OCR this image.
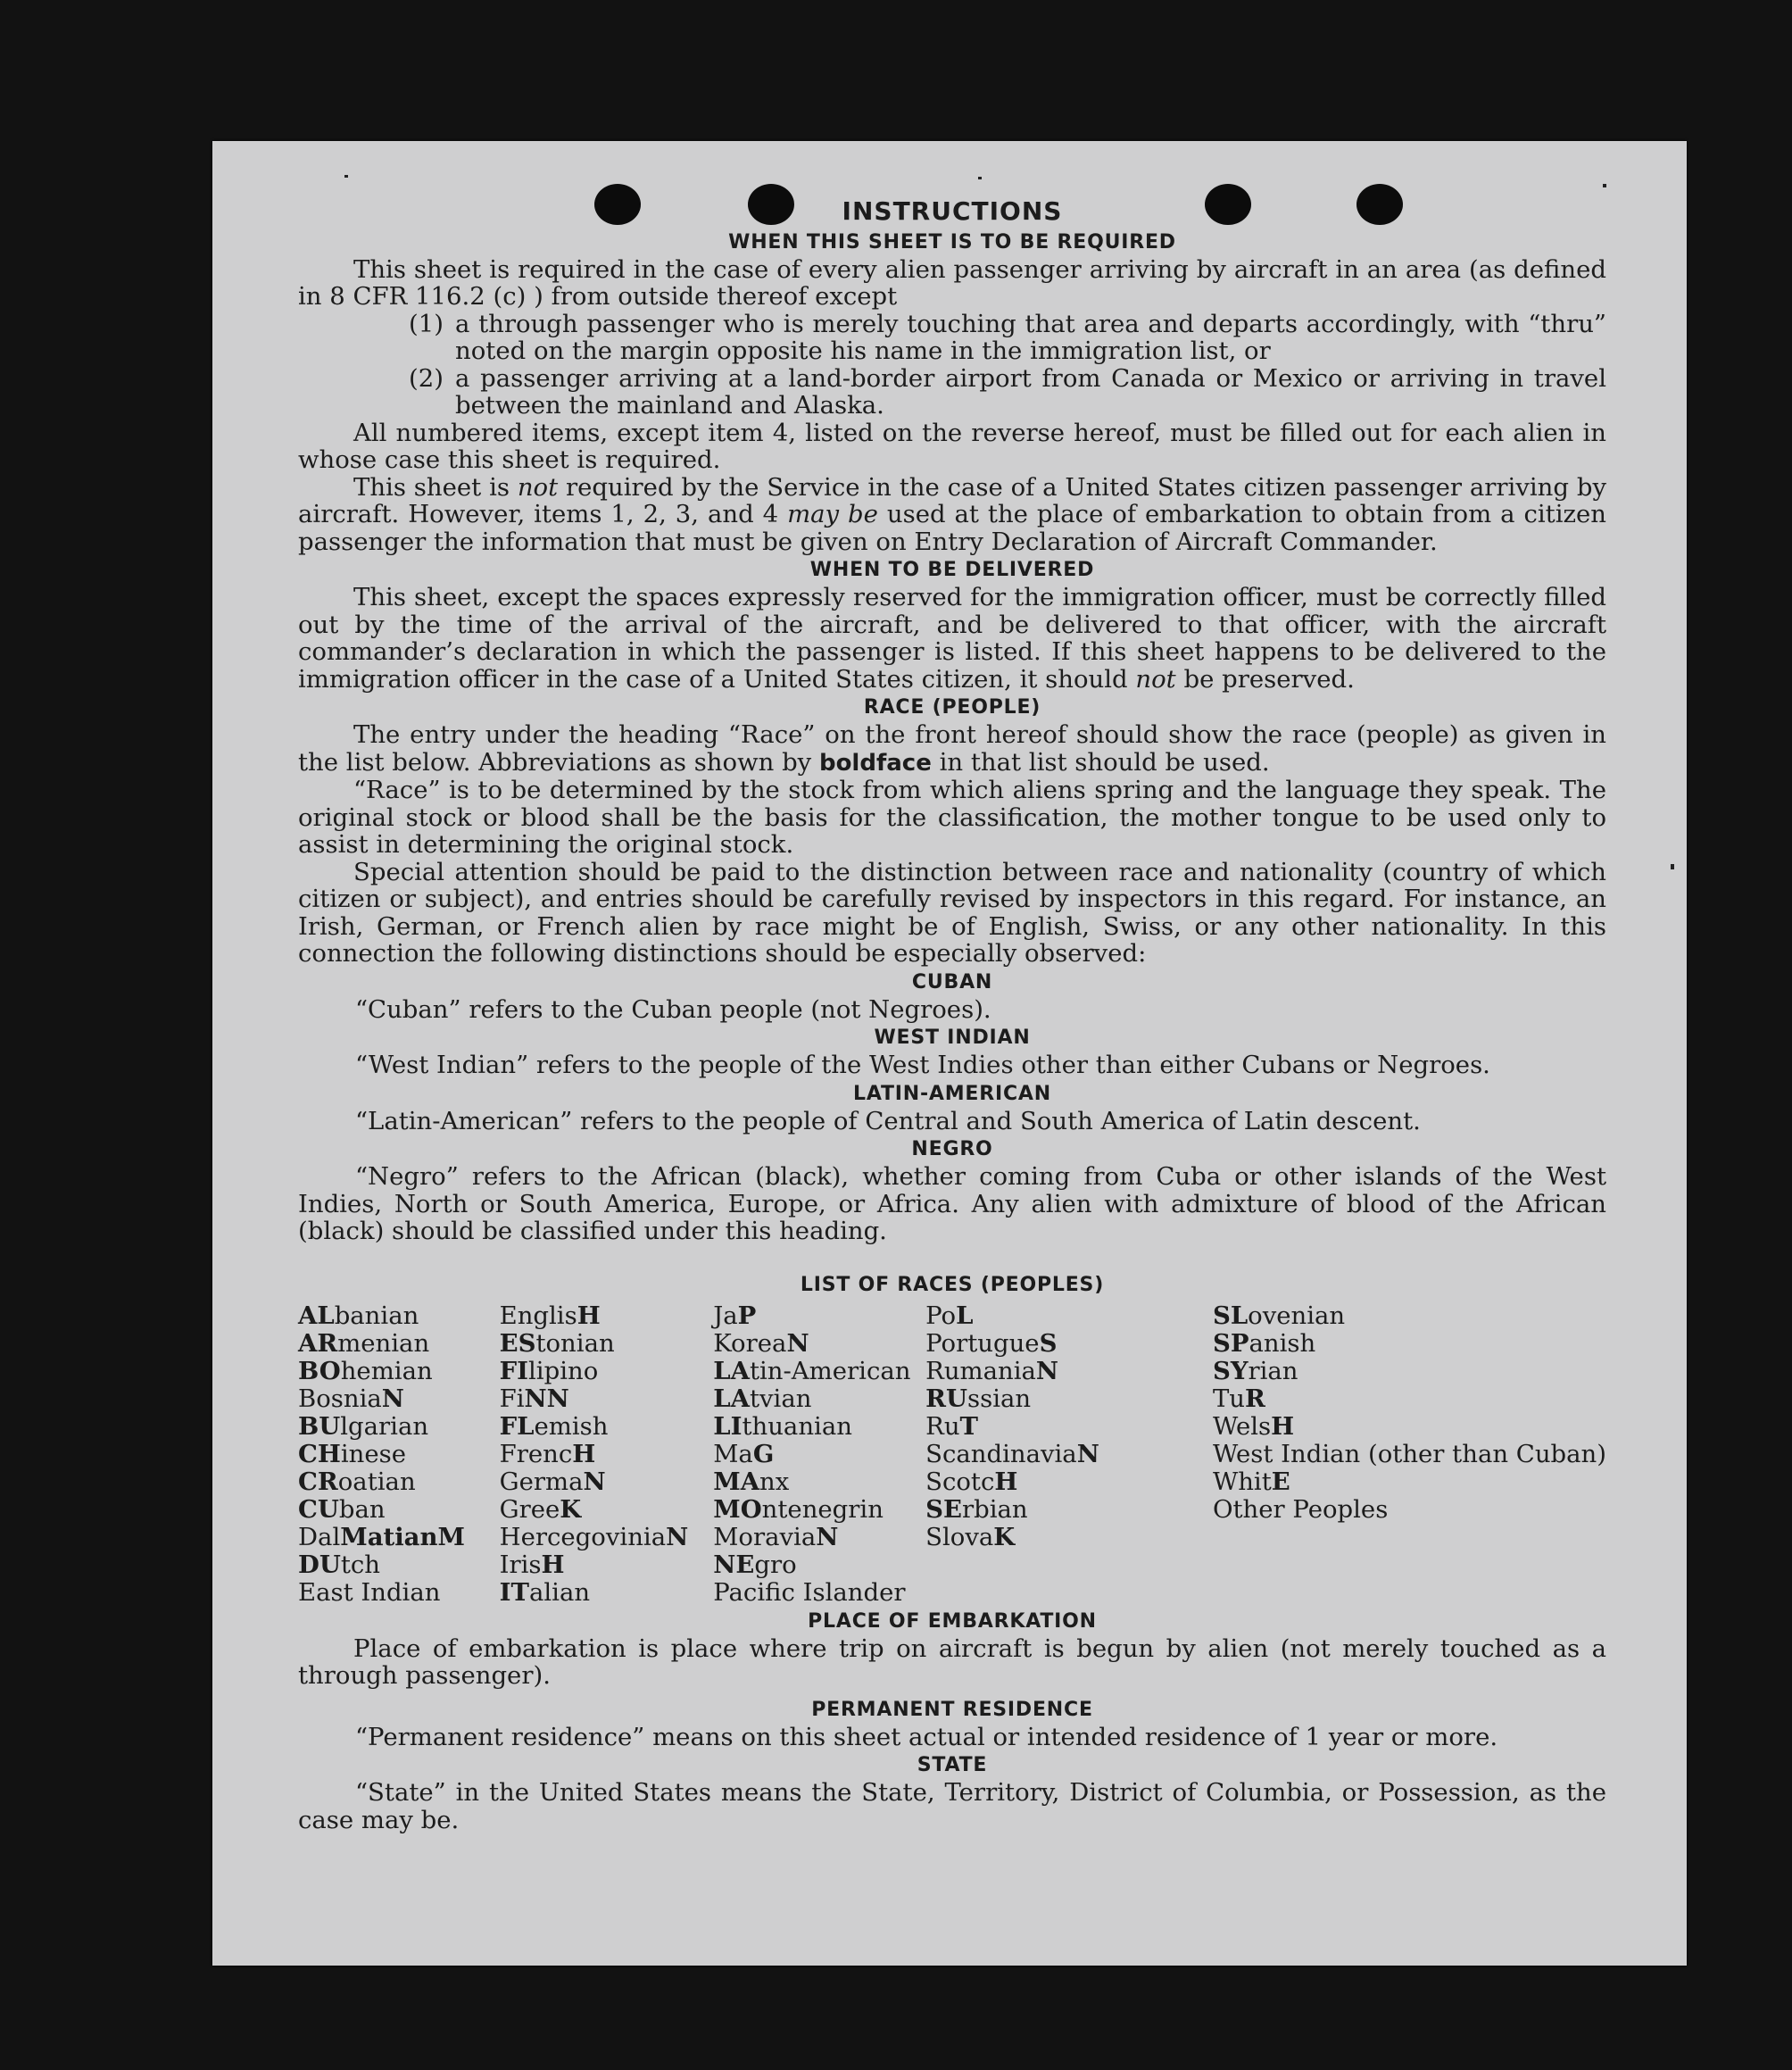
INSTRUCTIONS
WHEN THIS SHEET IS TO BE REQUIRED

This sheet is required in the case of every alien passenger arriving by aircraft in an area (as defined in 8 CFR 116.2 (c) ) from outside thereof except

(1) a through passenger who is merely touching that area and departs accordingly, with “thru” noted on the margin opposite his name in the immigration list, or
(2) a passenger arriving at a land-border airport from Canada or Mexico or arriving in travel between the mainland and Alaska.

All numbered items, except item 4, listed on the reverse hereof, must be filled out for each alien in whose case this sheet is required.

This sheet is not required by the Service in the case of a United States citizen passenger arriving by aircraft. However, items 1, 2, 3, and 4 may be used at the place of embarkation to obtain from a citizen passenger the information that must be given on Entry Declaration of Aircraft Commander.

WHEN TO BE DELIVERED

This sheet, except the spaces expressly reserved for the immigration officer, must be correctly filled out by the time of the arrival of the aircraft, and be delivered to that officer, with the aircraft commander’s declaration in which the passenger is listed. If this sheet happens to be delivered to the immigration officer in the case of a United States citizen, it should not be preserved.

RACE (PEOPLE)

The entry under the heading “Race” on the front hereof should show the race (people) as given in the list below. Abbreviations as shown by boldface in that list should be used.

“Race” is to be determined by the stock from which aliens spring and the language they speak. The original stock or blood shall be the basis for the classification, the mother tongue to be used only to assist in determining the original stock.

Special attention should be paid to the distinction between race and nationality (country of which citizen or subject), and entries should be carefully revised by inspectors in this regard. For instance, an Irish, German, or French alien by race might be of English, Swiss, or any other nationality. In this connection the following distinctions should be especially observed:

CUBAN

“Cuban” refers to the Cuban people (not Negroes).

WEST INDIAN

“West Indian” refers to the people of the West Indies other than either Cubans or Negroes.

LATIN-AMERICAN

“Latin-American” refers to the people of Central and South America of Latin descent.

NEGRO

“Negro” refers to the African (black), whether coming from Cuba or other islands of the West Indies, North or South America, Europe, or Africa. Any alien with admixture of blood of the African (black) should be classified under this heading.

LIST OF RACES (PEOPLES)
ALbanian
ARmenian
BOhemian
BosniaN
BUlgarian
CHinese
CRoatian
CUban
DalMatianM
DUtch
East Indian
EnglisH
EStonian
FIlipino
FiNN
FLemish
FrencH
GermaN
GreeK
HercegoviniaN
IrisH
ITalian
JaP
KoreaN
LAtin-American
LAtvian
LIthuanian
MaG
MAnx
MOntenegrin
MoraviaN
NEgro
Pacific Islander
PoL
PortugueS
RumaniaN
RUssian
RuT
ScandinaviaN
ScotcH
SErbian
SlovaK
SLovenian
SPanish
SYrian
TuR
WelsH
West Indian (other than Cuban)
WhitE
Other Peoples
PLACE OF EMBARKATION

Place of embarkation is place where trip on aircraft is begun by alien (not merely touched as a through passenger).

PERMANENT RESIDENCE

“Permanent residence” means on this sheet actual or intended residence of 1 year or more.

STATE

“State” in the United States means the State, Territory, District of Columbia, or Possession, as the case may be.
